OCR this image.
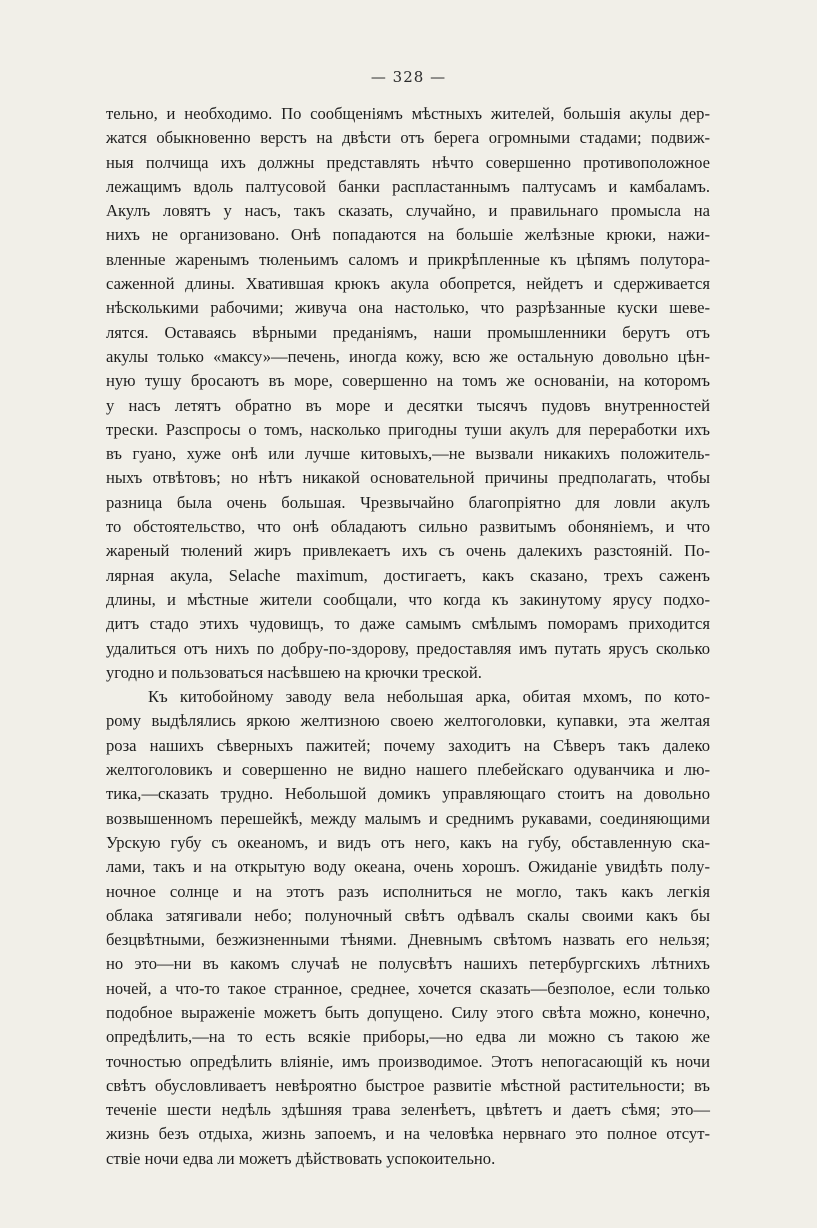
— 328 —

тельно, и необходимо. По сообщеніямъ мѣстныхъ жителей, большія акулы дер-
жатся обыкновенно верстъ на двѣсти отъ берега огромными стадами; подвиж-
ныя полчища ихъ должны представлять нѣчто совершенно противоположное
лежащимъ вдоль палтусовой банки распластаннымъ палтусамъ и камбаламъ.
Акулъ ловятъ у насъ, такъ сказать, случайно, и правильнаго промысла на
нихъ не организовано. Онѣ попадаются на большіе желѣзные крюки, нажи-
вленные жаренымъ тюленьимъ саломъ и прикрѣпленные къ цѣпямъ полутора-
саженной длины. Хватившая крюкъ акула обопрется, нейдетъ и сдерживается
нѣсколькими рабочими; живуча она настолько, что разрѣзанные куски шеве-
лятся. Оставаясь вѣрными преданіямъ, наши промышленники берутъ отъ
акулы только «максу»—печень, иногда кожу, всю же остальную довольно цѣн-
ную тушу бросаютъ въ море, совершенно на томъ же основаніи, на которомъ
у насъ летятъ обратно въ море и десятки тысячъ пудовъ внутренностей
трески. Разспросы о томъ, насколько пригодны туши акулъ для переработки ихъ
въ гуано, хуже онѣ или лучше китовыхъ,—не вызвали никакихъ положитель-
ныхъ отвѣтовъ; но нѣтъ никакой основательной причины предполагать, чтобы
разница была очень большая. Чрезвычайно благопріятно для ловли акулъ
то обстоятельство, что онѣ обладаютъ сильно развитымъ обоняніемъ, и что
жареный тюлений жиръ привлекаетъ ихъ съ очень далекихъ разстояній. По-
лярная акула, Selache maximum, достигаетъ, какъ сказано, трехъ саженъ
длины, и мѣстные жители сообщали, что когда къ закинутому ярусу подхо-
дитъ стадо этихъ чудовищъ, то даже самымъ смѣлымъ поморамъ приходится
удалиться отъ нихъ по добру-по-здорову, предоставляя имъ путать ярусъ сколько
угодно и пользоваться насѣвшею на крючки треской.

Къ китобойному заводу вела небольшая арка, обитая мхомъ, по кото-
рому выдѣлялись яркою желтизною своею желтоголовки, купавки, эта желтая
роза нашихъ сѣверныхъ пажитей; почему заходитъ на Сѣверъ такъ далеко
желтоголовикъ и совершенно не видно нашего плебейскаго одуванчика и лю-
тика,—сказать трудно. Небольшой домикъ управляющаго стоитъ на довольно
возвышенномъ перешейкѣ, между малымъ и среднимъ рукавами, соединяющими
Урскую губу съ океаномъ, и видъ отъ него, какъ на губу, обставленную ска-
лами, такъ и на открытую воду океана, очень хорошъ. Ожиданіе увидѣть полу-
ночное солнце и на этотъ разъ исполниться не могло, такъ какъ легкія
облака затягивали небо; полуночный свѣтъ одѣвалъ скалы своими какъ бы
безцвѣтными, безжизненными тѣнями. Дневнымъ свѣтомъ назвать его нельзя;
но это—ни въ какомъ случаѣ не полусвѣтъ нашихъ петербургскихъ лѣтнихъ
ночей, а что-то такое странное, среднее, хочется сказать—безполое, если только
подобное выраженіе можетъ быть допущено. Силу этого свѣта можно, конечно,
опредѣлить,—на то есть всякіе приборы,—но едва ли можно съ такою же
точностью опредѣлить вліяніе, имъ производимое. Этотъ непогасающій къ ночи
свѣтъ обусловливаетъ невѣроятно быстрое развитіе мѣстной растительности; въ
теченіе шести недѣль здѣшняя трава зеленѣетъ, цвѣтетъ и даетъ сѣмя; это—
жизнь безъ отдыха, жизнь запоемъ, и на человѣка нервнаго это полное отсут-
ствіе ночи едва ли можетъ дѣйствовать успокоительно.
